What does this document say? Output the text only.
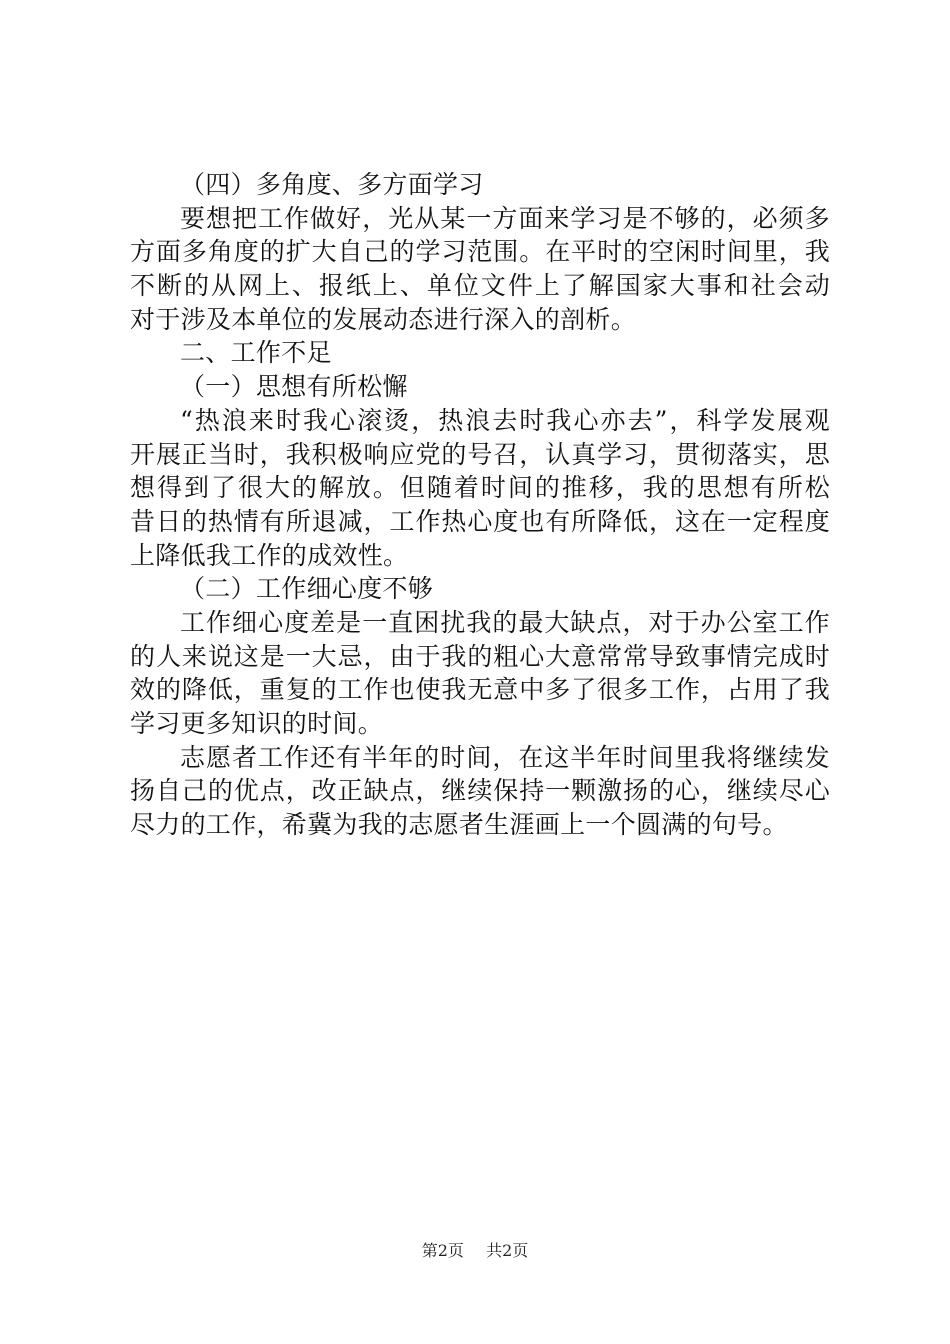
（四）多角度、多方面学习
要想把工作做好，光从某一方面来学习是不够的，必须多
方面多角度的扩大自己的学习范围。在平时的空闲时间里，我
不断的从网上、报纸上、单位文件上了解国家大事和社会动
对于涉及本单位的发展动态进行深入的剖析。
二、工作不足
（一）思想有所松懈
“热浪来时我心滚烫，热浪去时我心亦去”，科学发展观
开展正当时，我积极响应党的号召，认真学习，贯彻落实，思
想得到了很大的解放。但随着时间的推移，我的思想有所松
昔日的热情有所退减，工作热心度也有所降低，这在一定程度
上降低我工作的成效性。
（二）工作细心度不够
工作细心度差是一直困扰我的最大缺点，对于办公室工作
的人来说这是一大忌，由于我的粗心大意常常导致事情完成时
效的降低，重复的工作也使我无意中多了很多工作，占用了我
学习更多知识的时间。
志愿者工作还有半年的时间，在这半年时间里我将继续发
扬自己的优点，改正缺点，继续保持一颗激扬的心，继续尽心
尽力的工作，希冀为我的志愿者生涯画上一个圆满的句号。
第2页 共2页
